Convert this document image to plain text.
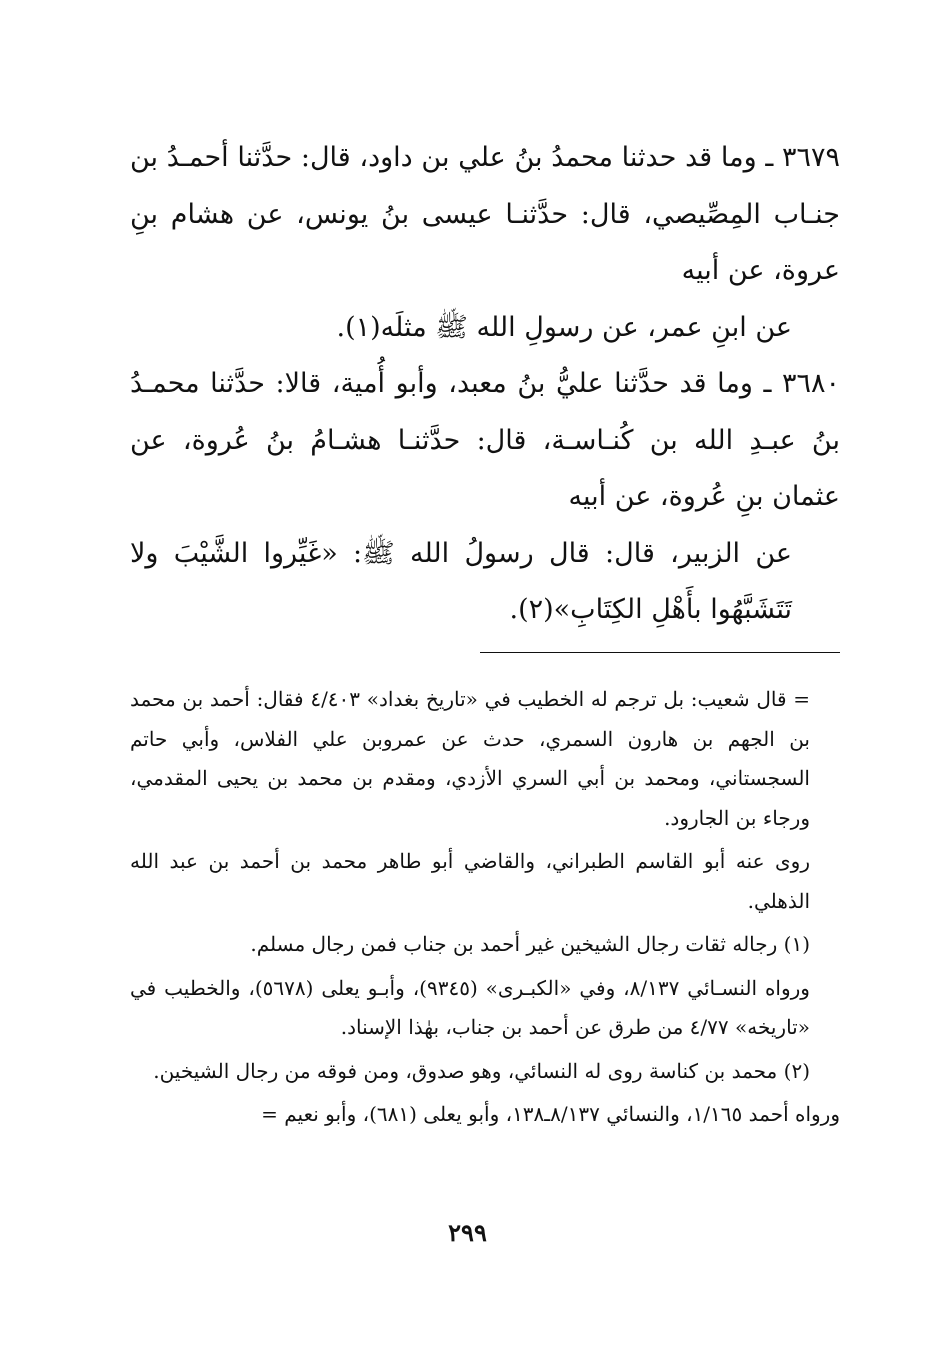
٣٦٧٩ ـ وما قد حدثنا محمدُ بنُ علي بن داود، قال: حدَّثنا أحمـدُ بن جنـاب المِصِّيصي، قال: حدَّثنـا عيسى بنُ يونس، عن هشام بنِ عروة، عن أبيه

عن ابنِ عمر، عن رسولِ الله ﷺ مثلَه(١).

٣٦٨٠ ـ وما قد حدَّثنا عليُّ بنُ معبد، وأبو أُمية، قالا: حدَّثنا محمـدُ بنُ عبـدِ الله بن كُنـاسـة، قال: حدَّثنـا هشـامُ بنُ عُروة، عن عثمان بنِ عُروة، عن أبيه

عن الزبير، قال: قال رسولُ الله ﷺ: «غَيِّروا الشَّيْبَ ولا تَتَشَبَّهُوا بأَهْلِ الكِتَابِ»(٢).

= قال شعيب: بل ترجم له الخطيب في «تاريخ بغداد» ٤/٤٠٣ فقال: أحمد بن محمد بن الجهم بن هارون السمري، حدث عن عمروبن علي الفلاس، وأبي حاتم السجستاني، ومحمد بن أبي السري الأزدي، ومقدم بن محمد بن يحيى المقدمي، ورجاء بن الجارود.

روى عنه أبو القاسم الطبراني، والقاضي أبو طاهر محمد بن أحمد بن عبد الله الذهلي.

(١) رجاله ثقات رجال الشيخين غير أحمد بن جناب فمن رجال مسلم.

ورواه النسـائي ٨/١٣٧، وفي «الكبـرى» (٩٣٤٥)، وأبـو يعلى (٥٦٧٨)، والخطيب في «تاريخه» ٤/٧٧ من طرق عن أحمد بن جناب، بهٰذا الإسناد.

(٢) محمد بن كناسة روى له النسائي، وهو صدوق، ومن فوقه من رجال الشيخين.

ورواه أحمد ١/١٦٥، والنسائي ٨/١٣٧ـ١٣٨، وأبو يعلى (٦٨١)، وأبو نعيم =

٢٩٩
